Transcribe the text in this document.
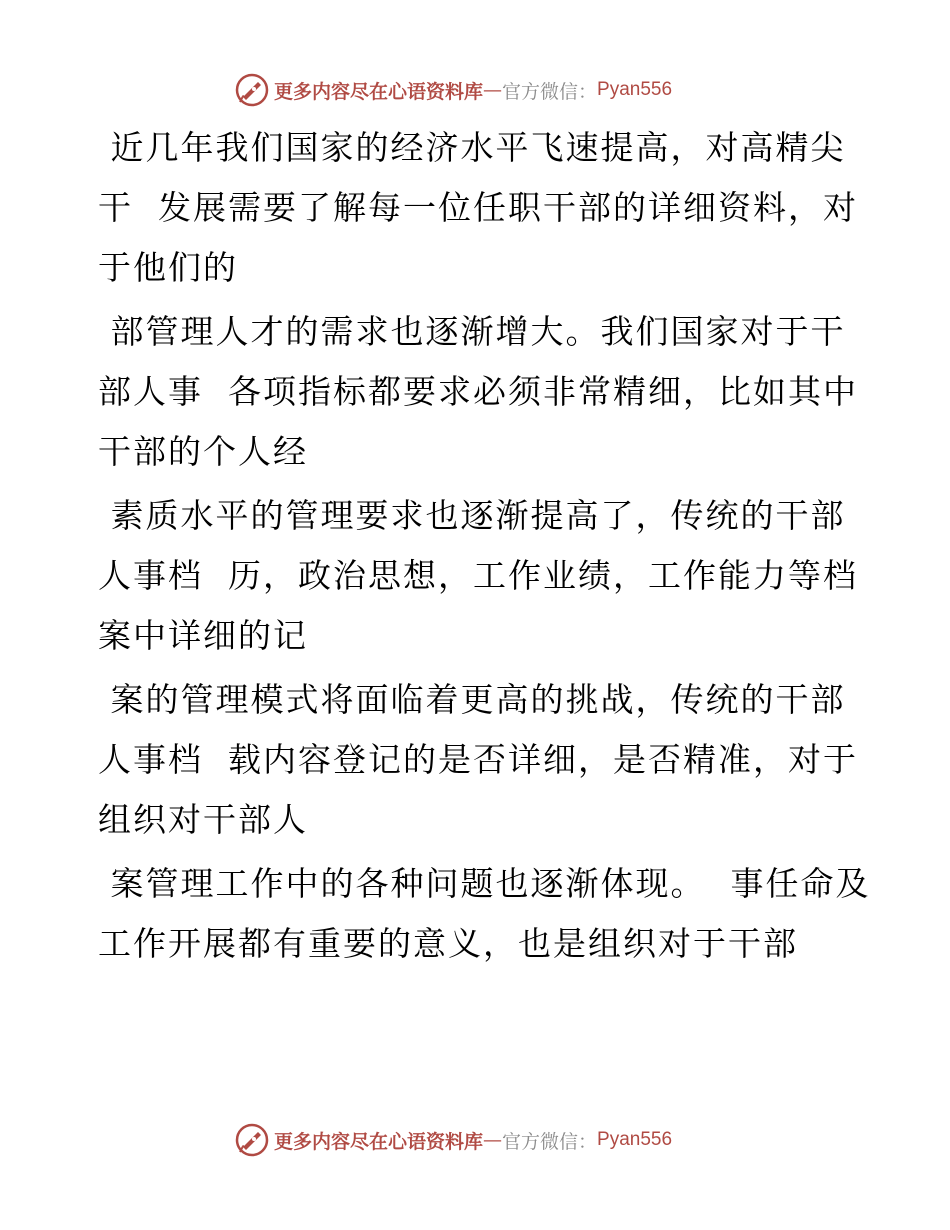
更多内容尽在心语资料库 — 官方微信： Pyan556
近几年我们国家的经济水平飞速提高，对高精尖
干  发展需要了解每一位任职干部的详细资料，对
于他们的
部管理人才的需求也逐渐增大。我们国家对于干
部人事  各项指标都要求必须非常精细，比如其中
干部的个人经
素质水平的管理要求也逐渐提高了，传统的干部
人事档  历，政治思想，工作业绩，工作能力等档
案中详细的记
案的管理模式将面临着更高的挑战，传统的干部
人事档  载内容登记的是否详细，是否精准，对于
组织对干部人
案管理工作中的各种问题也逐渐体现。  事任命及
工作开展都有重要的意义，也是组织对于干部
更多内容尽在心语资料库 — 官方微信： Pyan556
